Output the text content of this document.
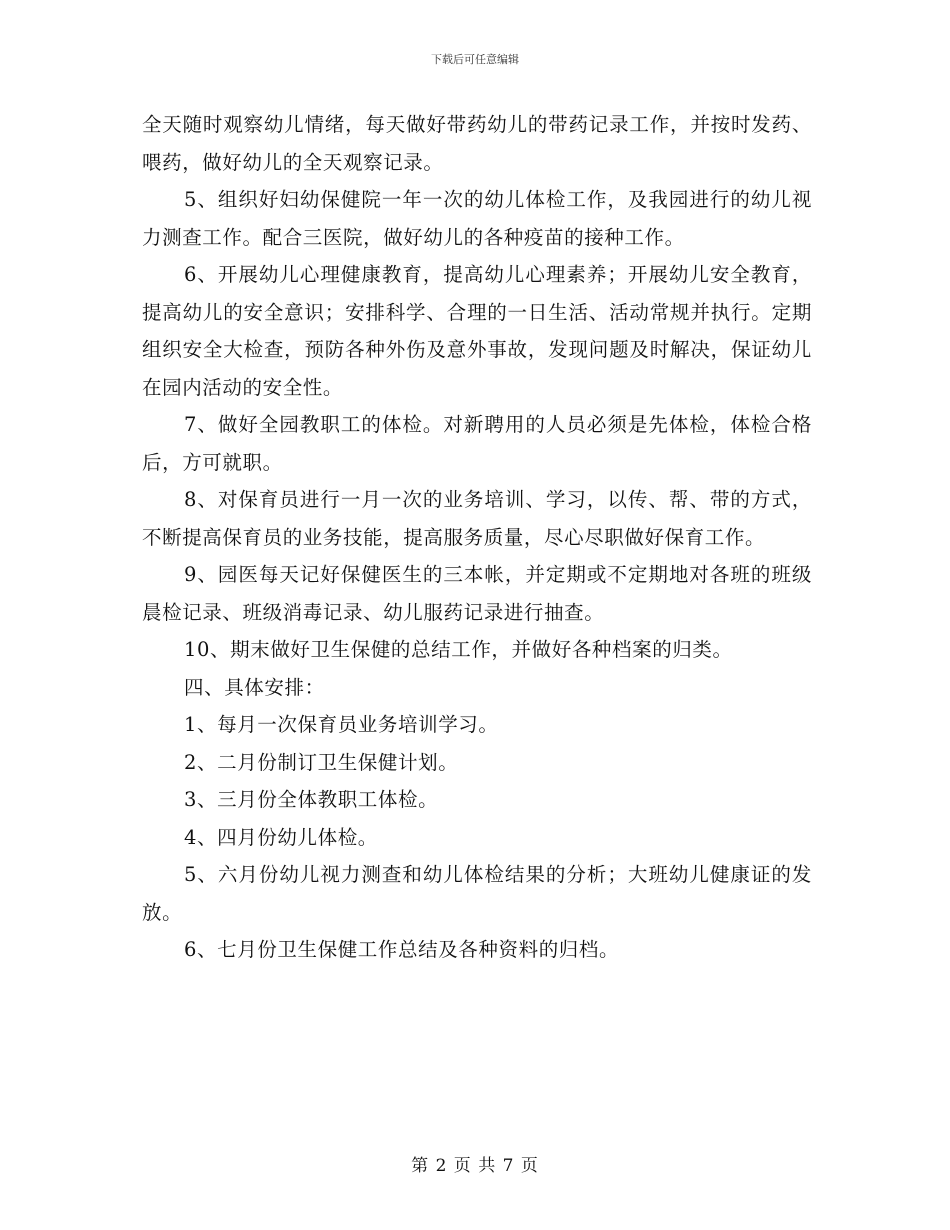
下载后可任意编辑

全天随时观察幼儿情绪，每天做好带药幼儿的带药记录工作，并按时发药、喂药，做好幼儿的全天观察记录。

5、组织好妇幼保健院一年一次的幼儿体检工作，及我园进行的幼儿视力测查工作。配合三医院，做好幼儿的各种疫苗的接种工作。

6、开展幼儿心理健康教育，提高幼儿心理素养；开展幼儿安全教育，提高幼儿的安全意识；安排科学、合理的一日生活、活动常规并执行。定期组织安全大检查，预防各种外伤及意外事故，发现问题及时解决，保证幼儿在园内活动的安全性。

7、做好全园教职工的体检。对新聘用的人员必须是先体检，体检合格后，方可就职。

8、对保育员进行一月一次的业务培训、学习，以传、帮、带的方式，不断提高保育员的业务技能，提高服务质量，尽心尽职做好保育工作。

9、园医每天记好保健医生的三本帐，并定期或不定期地对各班的班级晨检记录、班级消毒记录、幼儿服药记录进行抽查。

10、期末做好卫生保健的总结工作，并做好各种档案的归类。

四、具体安排：

1、每月一次保育员业务培训学习。

2、二月份制订卫生保健计划。

3、三月份全体教职工体检。

4、四月份幼儿体检。

5、六月份幼儿视力测查和幼儿体检结果的分析；大班幼儿健康证的发放。

6、七月份卫生保健工作总结及各种资料的归档。

第 2 页 共 7 页
